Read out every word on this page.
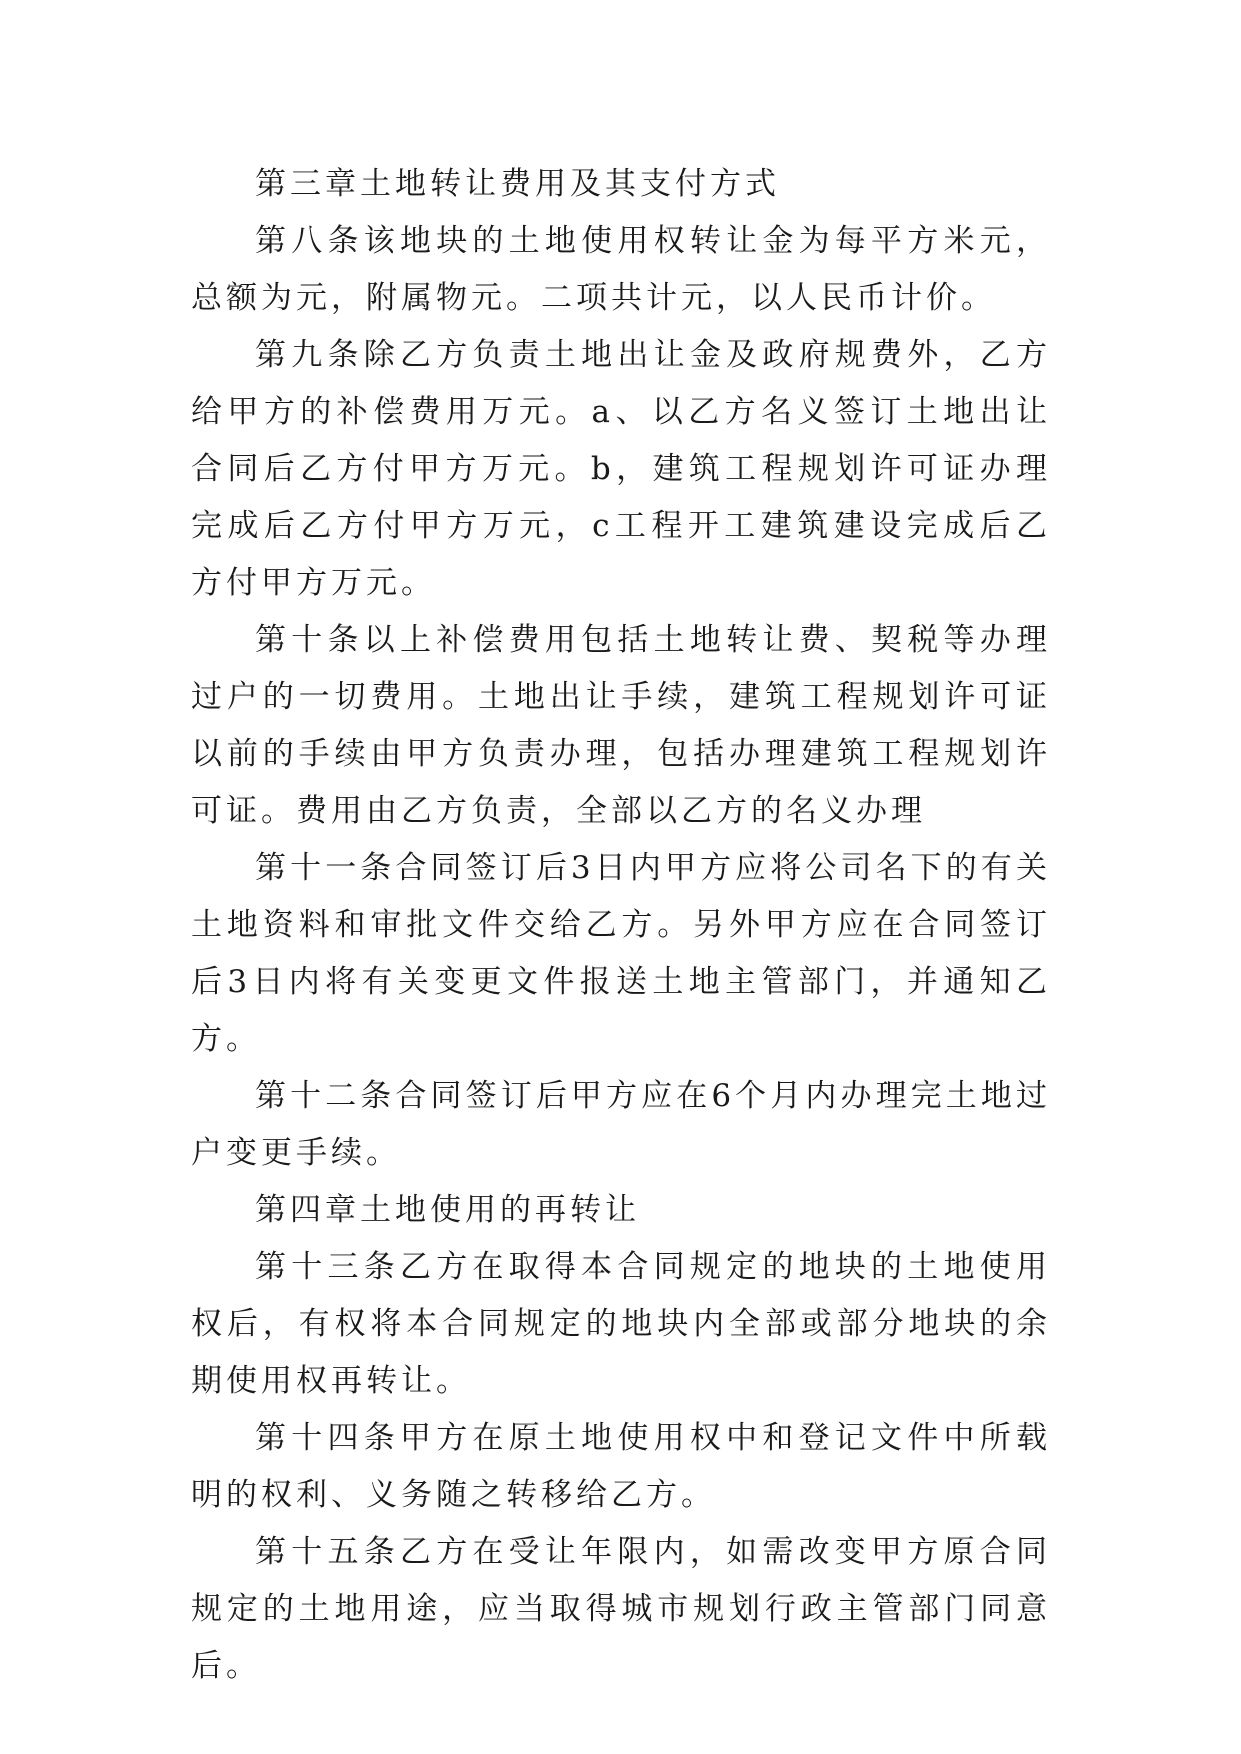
第三章土地转让费用及其支付方式

第八条该地块的土地使用权转让金为每平方米元，总额为元，附属物元。二项共计元，以人民币计价。

第九条除乙方负责土地出让金及政府规费外，乙方给甲方的补偿费用万元。a、以乙方名义签订土地出让合同后乙方付甲方万元。b，建筑工程规划许可证办理完成后乙方付甲方万元，c工程开工建筑建设完成后乙方付甲方万元。

第十条以上补偿费用包括土地转让费、契税等办理过户的一切费用。土地出让手续，建筑工程规划许可证以前的手续由甲方负责办理，包括办理建筑工程规划许可证。费用由乙方负责，全部以乙方的名义办理

第十一条合同签订后3日内甲方应将公司名下的有关土地资料和审批文件交给乙方。另外甲方应在合同签订后3日内将有关变更文件报送土地主管部门，并通知乙方。

第十二条合同签订后甲方应在6个月内办理完土地过户变更手续。

第四章土地使用的再转让

第十三条乙方在取得本合同规定的地块的土地使用权后，有权将本合同规定的地块内全部或部分地块的余期使用权再转让。

第十四条甲方在原土地使用权中和登记文件中所载明的权利、义务随之转移给乙方。

第十五条乙方在受让年限内，如需改变甲方原合同规定的土地用途，应当取得城市规划行政主管部门同意后。
